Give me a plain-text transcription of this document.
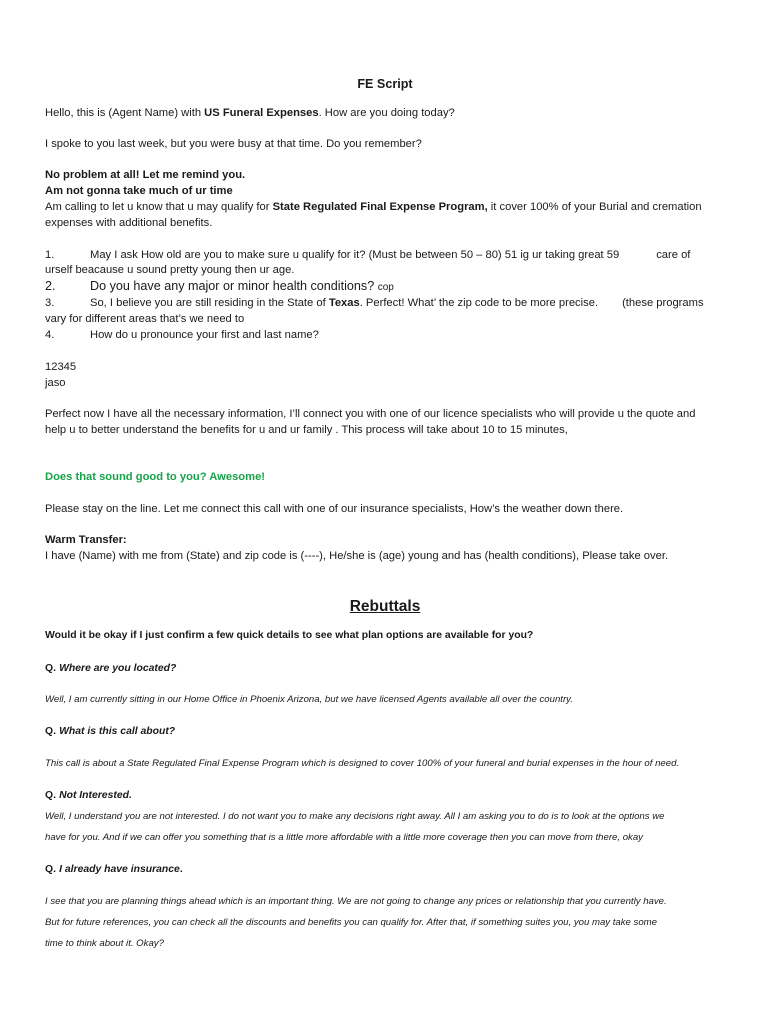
FE Script
Hello, this is (Agent Name) with US Funeral Expenses. How are you doing today?
I spoke to you last week, but you were busy at that time. Do you remember?
No problem at all! Let me remind you.
Am not gonna take much of ur time
Am calling to let u know that u may qualify for State Regulated Final Expense Program, it cover 100% of your Burial and cremation
expenses with additional benefits.
1.	May I ask How old are you to make sure u qualify for it? (Must be between 50 – 80) 51 ig ur taking great 59	care of
urself beacause u sound pretty young then ur age.
2.	Do you have any major or minor health conditions? cop
3.	So, I believe you are still residing in the State of Texas. Perfect! What’ the zip code to be more precise. (these programs
vary for different areas that’s we need to
4.	How do u pronounce your first and last name?
12345
jaso
Perfect now I have all the necessary information, I’ll connect you with one of our licence specialists who will provide u the quote and
help u to better understand the benefits for u and ur family . This process will take about 10 to 15 minutes,
Does that sound good to you? Awesome!
Please stay on the line. Let me connect this call with one of our insurance specialists, How’s the weather down there.
Warm Transfer:
I have (Name) with me from (State) and zip code is (----), He/she is (age) young and has (health conditions), Please take over.
Rebuttals
Would it be okay if I just confirm a few quick details to see what plan options are available for you?
Q. Where are you located?
Well, I am currently sitting in our Home Office in Phoenix Arizona, but we have licensed Agents available all over the country.
Q. What is this call about?
This call is about a State Regulated Final Expense Program which is designed to cover 100% of your funeral and burial expenses in the hour of need.
Q. Not Interested.
Well, I understand you are not interested. I do not want you to make any decisions right away. All I am asking you to do is to look at the options we
have for you. And if we can offer you something that is a little more affordable with a little more coverage then you can move from there, okay
Q. I already have insurance.
I see that you are planning things ahead which is an important thing. We are not going to change any prices or relationship that you currently have.
But for future references, you can check all the discounts and benefits you can qualify for. After that, if something suites you, you may take some
time to think about it. Okay?
